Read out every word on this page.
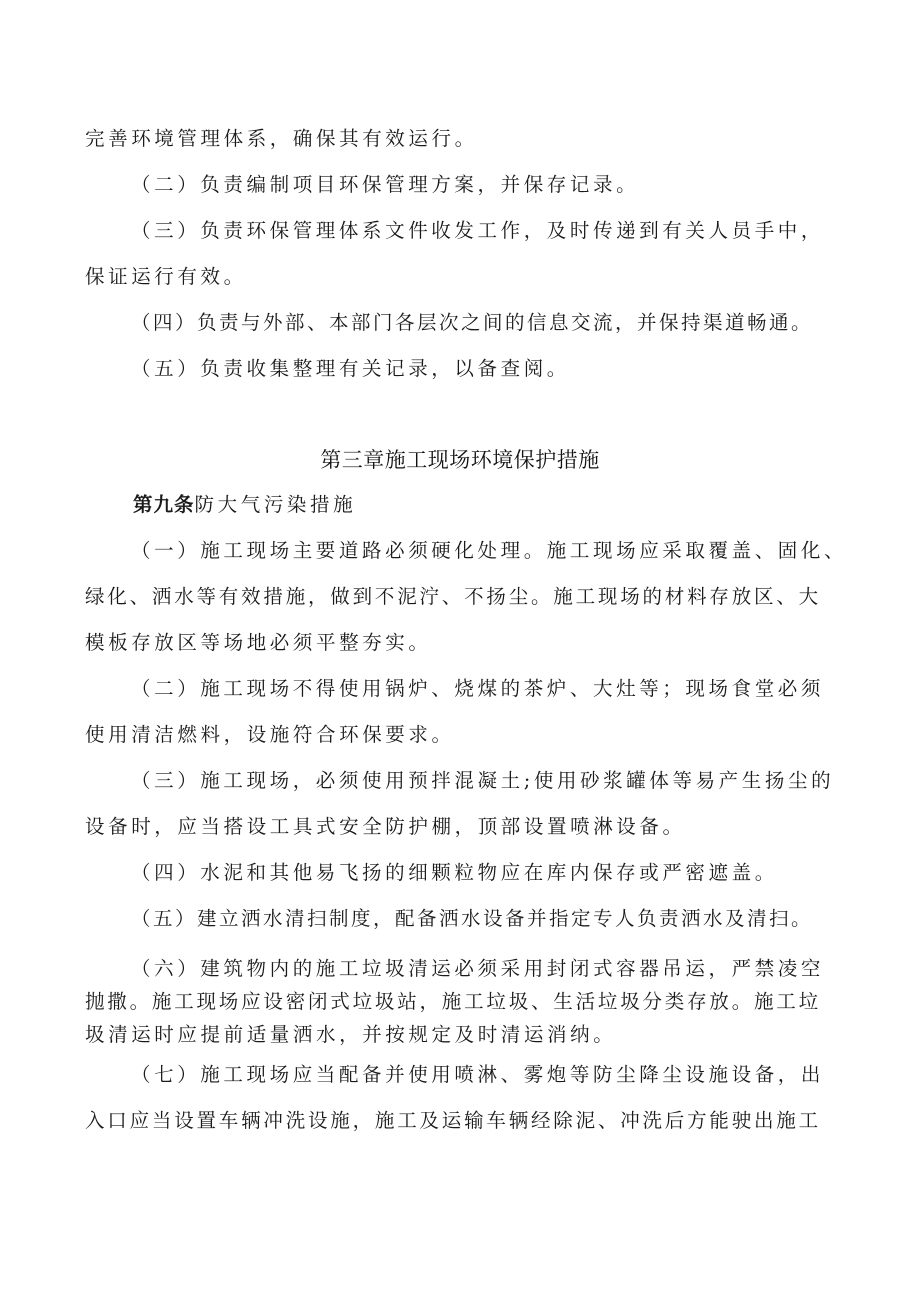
完善环境管理体系，确保其有效运行。
（二）负责编制项目环保管理方案，并保存记录。
（三）负责环保管理体系文件收发工作，及时传递到有关人员手中，
保证运行有效。
（四）负责与外部、本部门各层次之间的信息交流，并保持渠道畅通。
（五）负责收集整理有关记录，以备查阅。
第三章施工现场环境保护措施
第九条防大气污染措施
（一）施工现场主要道路必须硬化处理。施工现场应采取覆盖、固化、
绿化、洒水等有效措施，做到不泥泞、不扬尘。施工现场的材料存放区、大
模板存放区等场地必须平整夯实。
（二）施工现场不得使用锅炉、烧煤的茶炉、大灶等；现场食堂必须
使用清洁燃料，设施符合环保要求。
（三）施工现场，必须使用预拌混凝土;使用砂浆罐体等易产生扬尘的
设备时，应当搭设工具式安全防护棚，顶部设置喷淋设备。
（四）水泥和其他易飞扬的细颗粒物应在库内保存或严密遮盖。
（五）建立洒水清扫制度，配备洒水设备并指定专人负责洒水及清扫。
（六）建筑物内的施工垃圾清运必须采用封闭式容器吊运，严禁凌空
抛撒。施工现场应设密闭式垃圾站，施工垃圾、生活垃圾分类存放。施工垃
圾清运时应提前适量洒水，并按规定及时清运消纳。
（七）施工现场应当配备并使用喷淋、雾炮等防尘降尘设施设备，出
入口应当设置车辆冲洗设施，施工及运输车辆经除泥、冲洗后方能驶出施工
